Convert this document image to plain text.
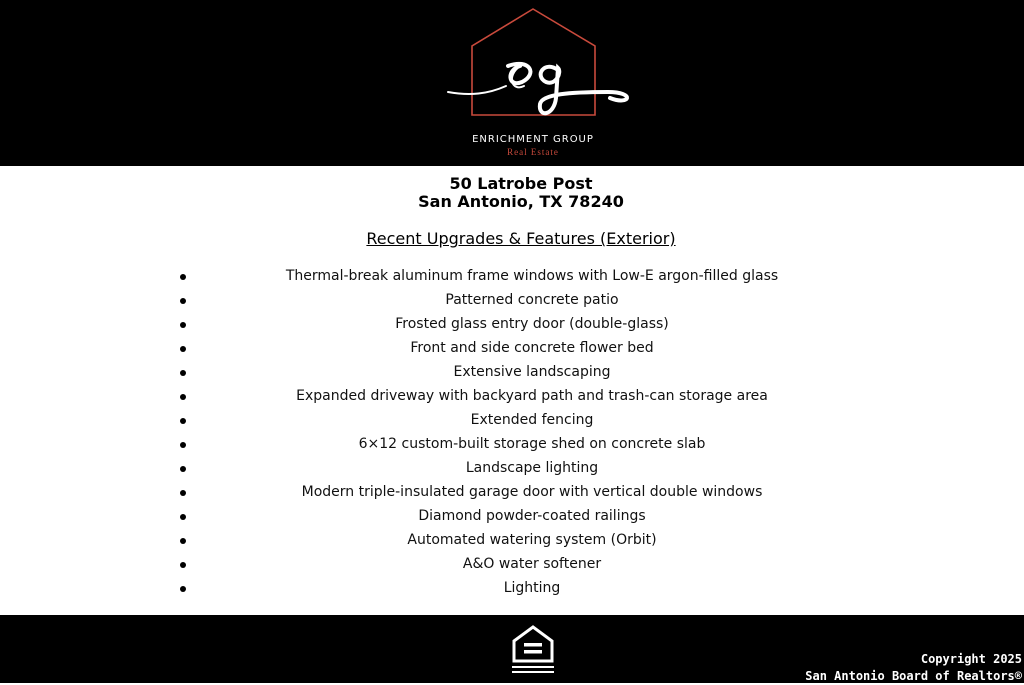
ENRICHMENT GROUP
Real Estate
50 Latrobe Post
San Antonio, TX 78240
Recent Upgrades & Features (Exterior)
Thermal-break aluminum frame windows with Low-E argon-filled glass
Patterned concrete patio
Frosted glass entry door (double-glass)
Front and side concrete flower bed
Extensive landscaping
Expanded driveway with backyard path and trash-can storage area
Extended fencing
6×12 custom-built storage shed on concrete slab
Landscape lighting
Modern triple-insulated garage door with vertical double windows
Diamond powder-coated railings
Automated watering system (Orbit)
A&O water softener
Lighting
Copyright 2025
San Antonio Board of Realtors®
